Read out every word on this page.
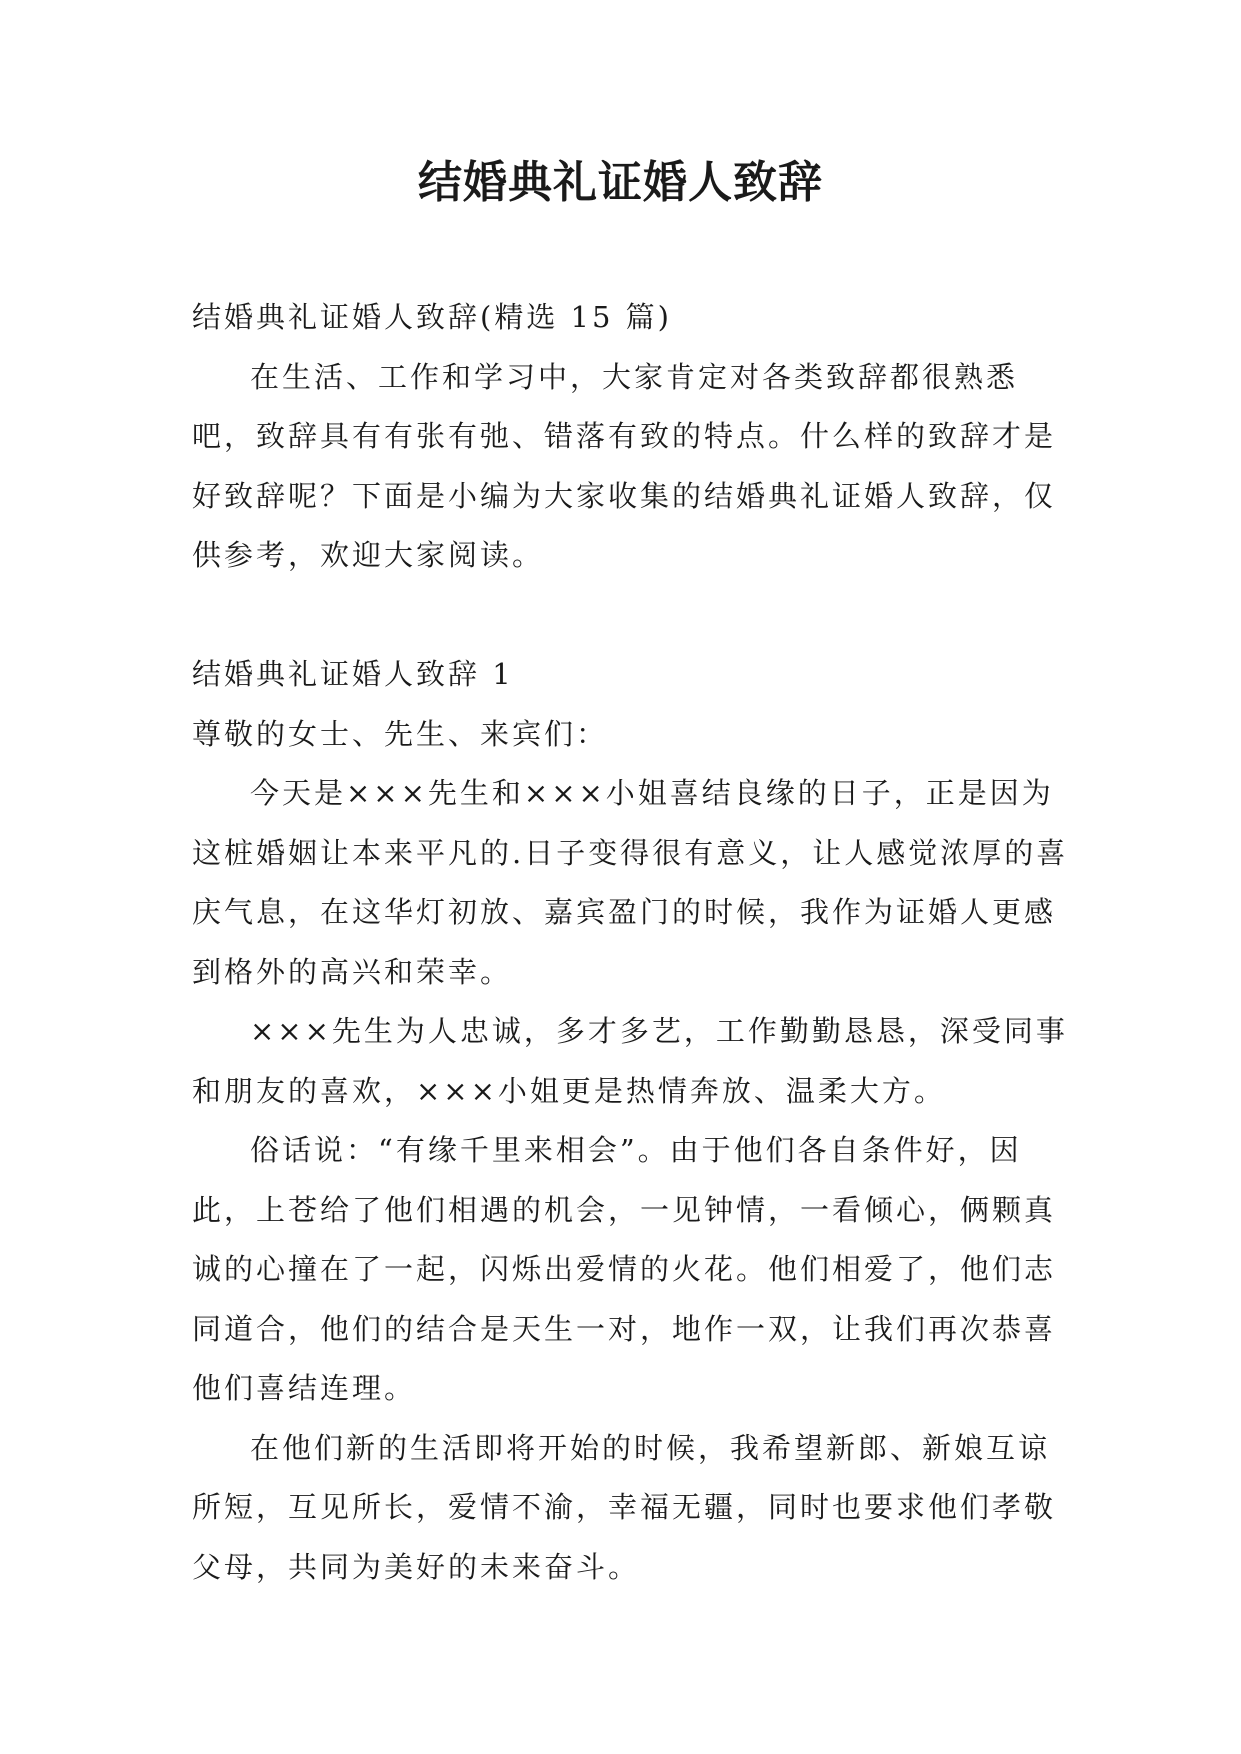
结婚典礼证婚人致辞

结婚典礼证婚人致辞(精选 15 篇)

在生活、工作和学习中，大家肯定对各类致辞都很熟悉吧，致辞具有有张有弛、错落有致的特点。什么样的致辞才是好致辞呢？下面是小编为大家收集的结婚典礼证婚人致辞，仅供参考，欢迎大家阅读。

结婚典礼证婚人致辞 1

尊敬的女士、先生、来宾们：

今天是×××先生和×××小姐喜结良缘的日子，正是因为这桩婚姻让本来平凡的.日子变得很有意义，让人感觉浓厚的喜庆气息，在这华灯初放、嘉宾盈门的时候，我作为证婚人更感到格外的高兴和荣幸。

×××先生为人忠诚，多才多艺，工作勤勤恳恳，深受同事和朋友的喜欢，×××小姐更是热情奔放、温柔大方。

俗话说：“有缘千里来相会”。由于他们各自条件好，因此，上苍给了他们相遇的机会，一见钟情，一看倾心，俩颗真诚的心撞在了一起，闪烁出爱情的火花。他们相爱了，他们志同道合，他们的结合是天生一对，地作一双，让我们再次恭喜他们喜结连理。

在他们新的生活即将开始的时候，我希望新郎、新娘互谅所短，互见所长，爱情不渝，幸福无疆，同时也要求他们孝敬父母，共同为美好的未来奋斗。
